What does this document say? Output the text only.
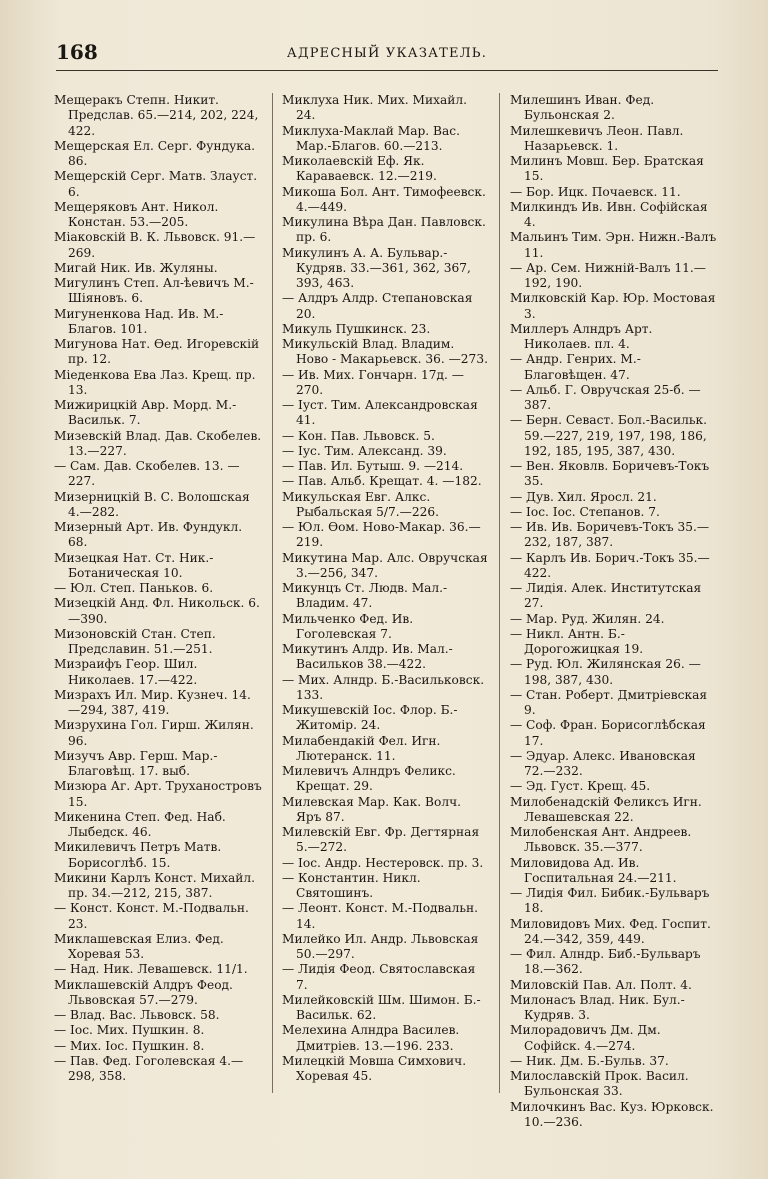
168	АДРЕСНЫЙ УКАЗАТЕЛЬ.
Мещеракъ Степн. Никит. Предслав. 65.—214, 202, 224, 422.
Мещерская Ел. Серг. Фундука. 86.
Мещерскій Серг. Матв. Злауст. 6.
Мещеряковъ Ант. Никол. Констан. 53.—205.
Міаковскій В. К. Львовск. 91.—269.
Мигай Ник. Ив. Жуляны.
Мигулинъ Степ. Ал-ѣевичъ М.-Шіяновъ. 6.
Мигуненкова Над. Ив. М.-Благов. 101.
Мигунова Нат. Ѳед. Игоревскій пр. 12.
Міеденкова Ева Лаз. Крещ. пр. 13.
Мижирицкій Авр. Морд. М.-Васильк. 7.
Мизевскій Влад. Дав. Скобелев. 13.—227.
— Сам. Дав. Скобелев. 13. —227.
Мизерницкій В. С. Волошская 4.—282.
Мизерный Арт. Ив. Фундукл. 68.
Мизецкая Нат. Ст. Ник.-Ботаническая 10.
— Юл. Степ. Паньков. 6.
Мизецкій Анд. Фл. Никольск. 6.—390.
Мизоновскій Стан. Степ. Предславин. 51.—251.
Мизраифъ Геор. Шил. Николаев. 17.—422.
Мизрахъ Ил. Мир. Кузнеч. 14.—294, 387, 419.
Мизрухина Гол. Гирш. Жилян. 96.
Мизучъ Авр. Герш. Мар.-Благовѣщ. 17. выб.
Мизюра Аг. Арт. Труханостровъ 15.
Микенина Степ. Фед. Наб. Лыбедск. 46.
Микилевичъ Петръ Матв. Борисоглѣб. 15.
Микини Карлъ Конст. Михайл. пр. 34.—212, 215, 387.
— Конст. Конст. М.-Подвальн. 23.
Миклашевская Елиз. Фед. Хоревая 53.
— Над. Ник. Левашевск. 11/1.
Миклашевскій Алдръ Феод. Львовская 57.—279.
— Влад. Вас. Львовск. 58.
— Іос. Мих. Пушкин. 8.
— Мих. Іос. Пушкин. 8.
— Пав. Фед. Гоголевская 4.—298, 358.
Миклуха Ник. Мих. Михайл. 24.
Миклуха-Маклай Мар. Вас. Мар.-Благов. 60.—213.
Миколаевскій Еф. Як. Караваевск. 12.—219.
Микоша Бол. Ант. Тимофеевск. 4.—449.
Микулина Вѣра Дан. Павловск. пр. 6.
Микулинъ А. А. Бульвар.-Кудряв. 33.—361, 362, 367, 393, 463.
— Алдръ Алдр. Степановская 20.
Микуль Пушкинск. 23.
Микульскій Влад. Владим. Ново - Макарьевск. 36. —273.
— Ив. Мих. Гончарн. 17д. —270.
— Іуст. Тим. Александровская 41.
— Кон. Пав. Львовск. 5.
— Іус. Тим. Александ. 39.
— Пав. Ил. Бутыш. 9. —214.
— Пав. Альб. Крещат. 4. —182.
Микульская Евг. Алкс. Рыбальская 5/7.—226.
— Юл. Ѳом. Ново-Макар. 36.—219.
Микутина Мар. Алс. Овручская 3.—256, 347.
Микунцъ Ст. Людв. Мал.-Владим. 47.
Мильченко Фед. Ив. Гоголевская 7.
Микутинъ Алдр. Ив. Мал.-Васильков 38.—422.
— Мих. Алндр. Б.-Васильковск. 133.
Микушевскій Іос. Флор. Б.-Житомір. 24.
Милабендакій Фел. Игн. Лютеранск. 11.
Милевичъ Алндръ Феликс. Крещат. 29.
Милевская Мар. Как. Волч. Яръ 87.
Милевскій Евг. Фр. Дегтярная 5.—272.
— Іос. Андр. Нестеровск. пр. 3.
— Константин. Никл. Святошинъ.
— Леонт. Конст. М.-Подвальн. 14.
Милейко Ил. Андр. Львовская 50.—297.
— Лидія Феод. Святославская 7.
Милейковскій Шм. Шимон. Б.-Васильк. 62.
Мелехина Алндра Василев. Дмитріев. 13.—196. 233.
Милецкій Мовша Симхович. Хоревая 45.
Милешинъ Иван. Фед. Бульонская 2.
Милешкевичъ Леон. Павл. Назарьевск. 1.
Милинъ Мовш. Бер. Братская 15.
— Бор. Ицк. Почаевск. 11.
Милкиндъ Ив. Ивн. Софійская 4.
Мальинъ Тим. Эрн. Нижн.-Валъ 11.
— Ар. Сем. Нижній-Валъ 11.—192, 190.
Милковскій Кар. Юр. Мостовая 3.
Миллеръ Алндръ Арт. Николаев. пл. 4.
— Андр. Генрих. М.-Благовѣщен. 47.
— Альб. Г. Овручская 25-б. —387.
— Берн. Севаст. Бол.-Васильк. 59.—227, 219, 197, 198, 186, 192, 185, 195, 387, 430.
— Вен. Яковлв. Боричевъ-Токъ 35.
— Дув. Хил. Яросл. 21.
— Іос. Іос. Степанов. 7.
— Ив. Ив. Боричевъ-Токъ 35.—232, 187, 387.
— Карлъ Ив. Борич.-Токъ 35.—422.
— Лидія. Алек. Институтская 27.
— Мар. Руд. Жилян. 24.
— Никл. Антн. Б.-Дорогожицкая 19.
— Руд. Юл. Жилянская 26. —198, 387, 430.
— Стан. Роберт. Дмитріевская 9.
— Соф. Фран. Борисоглѣбская 17.
— Эдуар. Алекс. Ивановская 72.—232.
— Эд. Густ. Крещ. 45.
Милобенадскій Феликсъ Игн. Левашевская 22.
Милобенская Ант. Андреев. Львовск. 35.—377.
Миловидова Ад. Ив. Госпитальная 24.—211.
— Лидія Фил. Бибик.-Бульваръ 18.
Миловидовъ Мих. Фед. Госпит. 24.—342, 359, 449.
— Фил. Алндр. Биб.-Бульваръ 18.—362.
Миловскій Пав. Ал. Полт. 4.
Милонасъ Влад. Ник. Бул.-Кудряв. 3.
Милорадовичъ Дм. Дм. Софійск. 4.—274.
— Ник. Дм. Б.-Бульв. 37.
Милославскій Прок. Васил. Бульонская 33.
Милочкинъ Вас. Куз. Юрковск. 10.—236.
